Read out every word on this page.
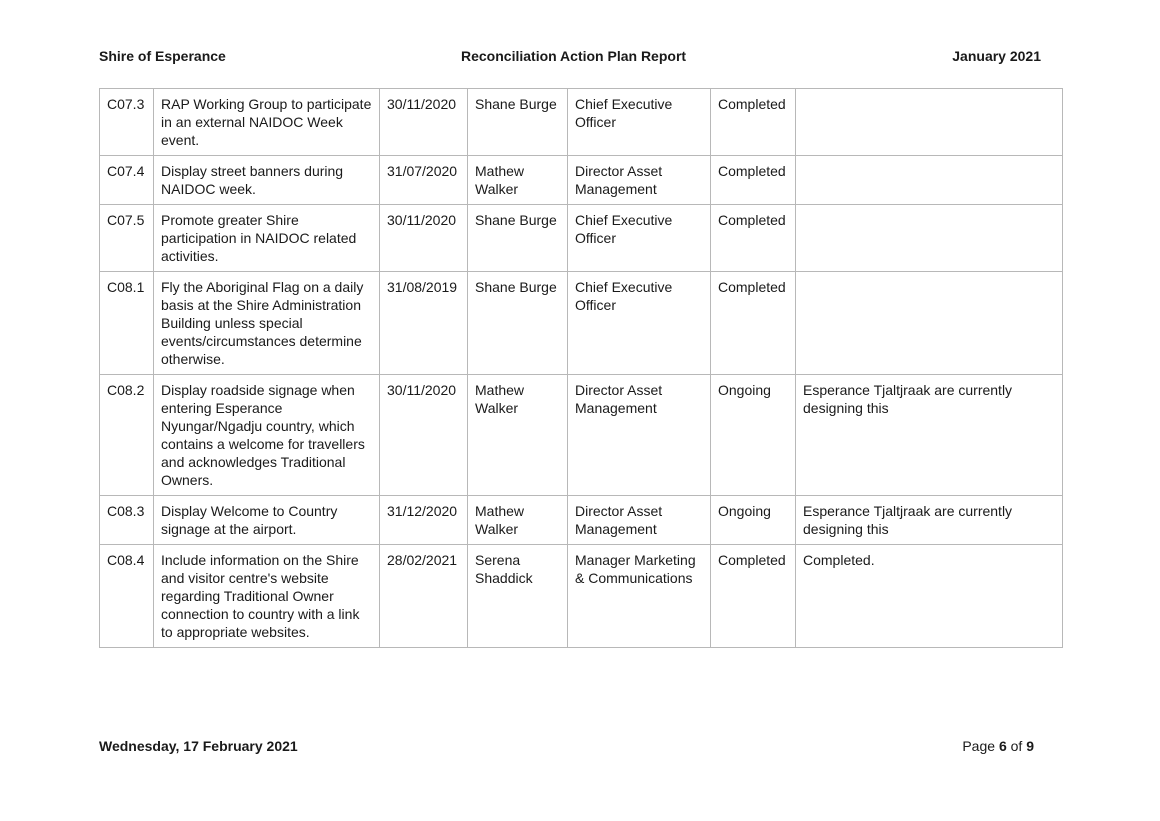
Shire of Esperance	Reconciliation Action Plan Report	January 2021
C07.3	RAP Working Group to participate in an external NAIDOC Week event.	30/11/2020	Shane Burge	Chief Executive Officer	Completed	
C07.4	Display street banners during NAIDOC week.	31/07/2020	Mathew Walker	Director Asset Management	Completed	
C07.5	Promote greater Shire participation in NAIDOC related activities.	30/11/2020	Shane Burge	Chief Executive Officer	Completed	
C08.1	Fly the Aboriginal Flag on a daily basis at the Shire Administration Building unless special events/circumstances determine otherwise.	31/08/2019	Shane Burge	Chief Executive Officer	Completed	
C08.2	Display roadside signage when entering Esperance Nyungar/Ngadju country, which contains a welcome for travellers and acknowledges Traditional Owners.	30/11/2020	Mathew Walker	Director Asset Management	Ongoing	Esperance Tjaltjraak are currently designing this
C08.3	Display Welcome to Country signage at the airport.	31/12/2020	Mathew Walker	Director Asset Management	Ongoing	Esperance Tjaltjraak are currently designing this
C08.4	Include information on the Shire and visitor centre's website regarding Traditional Owner connection to country with a link to appropriate websites.	28/02/2021	Serena Shaddick	Manager Marketing & Communications	Completed	Completed.
Wednesday, 17 February 2021	Page 6 of 9
